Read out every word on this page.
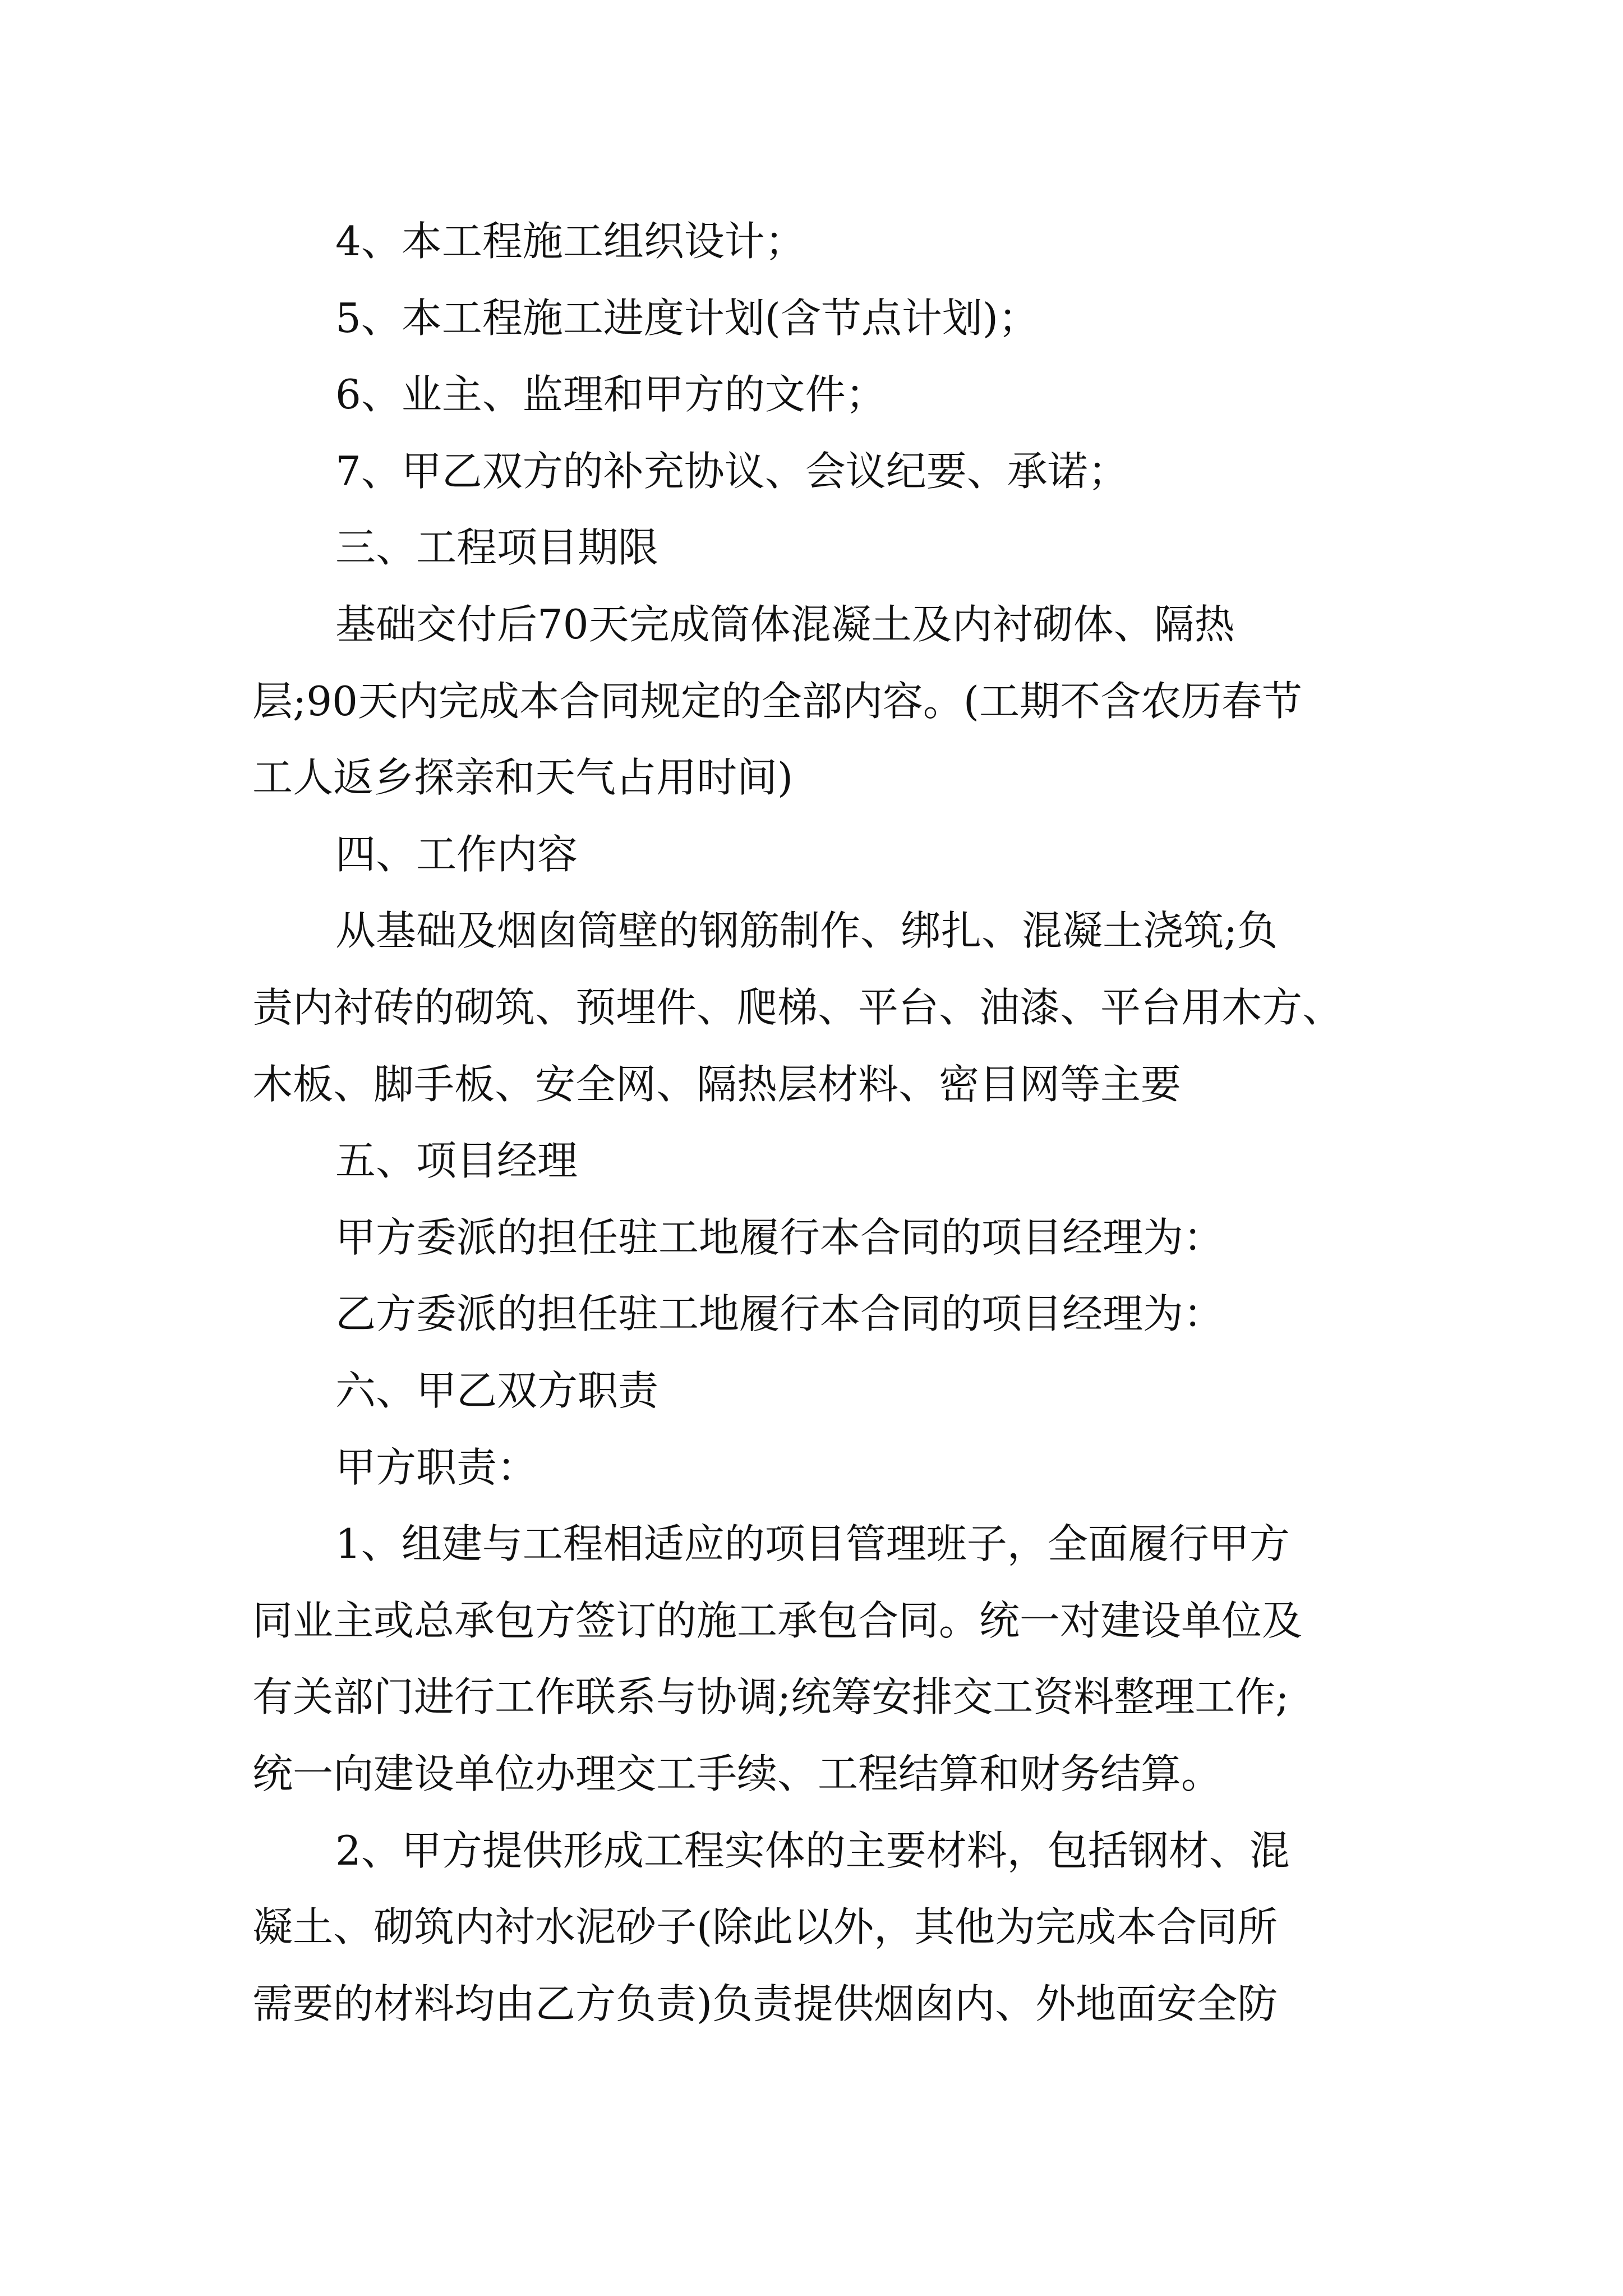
4、本工程施工组织设计；
5、本工程施工进度计划(含节点计划)；
6、业主、监理和甲方的文件；
7、甲乙双方的补充协议、会议纪要、承诺；
三、工程项目期限
基础交付后70天完成筒体混凝土及内衬砌体、隔热
层;90天内完成本合同规定的全部内容。(工期不含农历春节
工人返乡探亲和天气占用时间)
四、工作内容
从基础及烟囱筒壁的钢筋制作、绑扎、混凝土浇筑;负
责内衬砖的砌筑、预埋件、爬梯、平台、油漆、平台用木方、
木板、脚手板、安全网、隔热层材料、密目网等主要
五、项目经理
甲方委派的担任驻工地履行本合同的项目经理为：
乙方委派的担任驻工地履行本合同的项目经理为：
六、甲乙双方职责
甲方职责：
1、组建与工程相适应的项目管理班子，全面履行甲方
同业主或总承包方签订的施工承包合同。统一对建设单位及
有关部门进行工作联系与协调;统筹安排交工资料整理工作;
统一向建设单位办理交工手续、工程结算和财务结算。
2、甲方提供形成工程实体的主要材料，包括钢材、混
凝土、砌筑内衬水泥砂子(除此以外，其他为完成本合同所
需要的材料均由乙方负责)负责提供烟囱内、外地面安全防
